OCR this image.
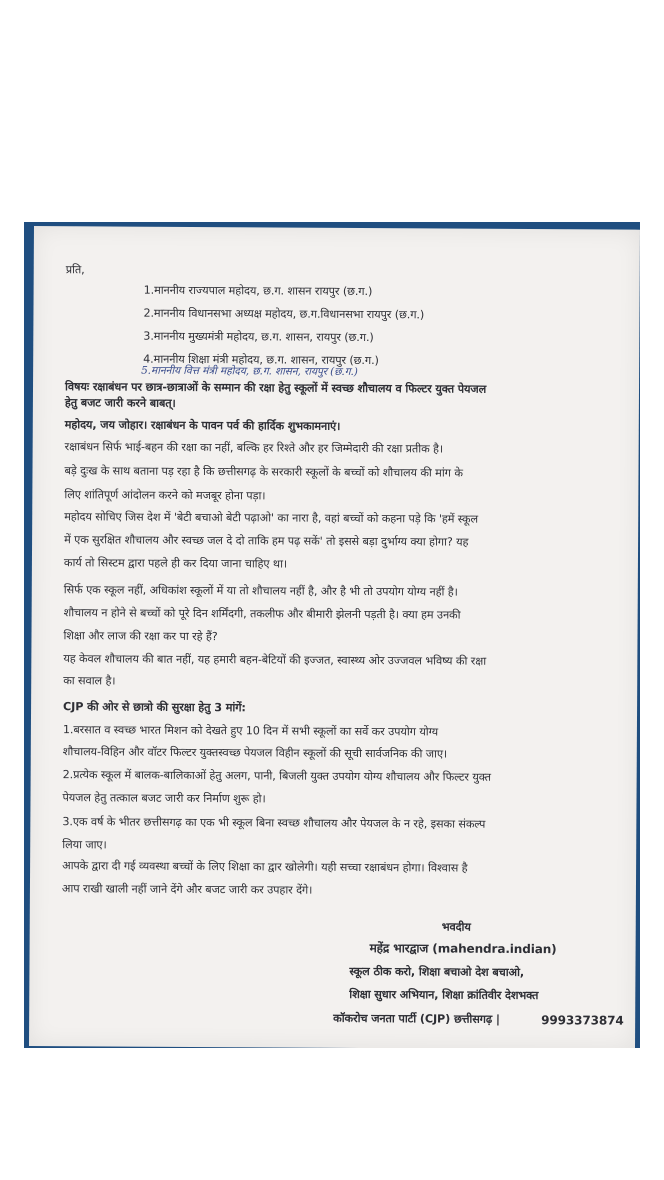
प्रति,
1.माननीय राज्यपाल महोदय, छ.ग. शासन रायपुर (छ.ग.)
2.माननीय विधानसभा अध्यक्ष महोदय, छ.ग.विधानसभा रायपुर (छ.ग.)
3.माननीय मुख्यमंत्री महोदय, छ.ग. शासन, रायपुर (छ.ग.)
4.माननीय शिक्षा मंत्री महोदय, छ.ग. शासन, रायपुर (छ.ग.)
5.माननीय वित्त मंत्री महोदय, छ.ग. शासन, रायपुर (छ.ग.)
विषयः रक्षाबंधन पर छात्र-छात्राओं के सम्मान की रक्षा हेतु स्कूलों में स्वच्छ शौचालय व फिल्टर युक्त पेयजल
हेतु बजट जारी करने बाबत्।
महोदय, जय जोहार। रक्षाबंधन के पावन पर्व की हार्दिक शुभकामनाएं।
रक्षाबंधन सिर्फ भाई-बहन की रक्षा का नहीं, बल्कि हर रिश्ते और हर जिम्मेदारी की रक्षा प्रतीक है।
बड़े दुःख के साथ बताना पड़ रहा है कि छत्तीसगढ़ के सरकारी स्कूलों के बच्चों को शौचालय की मांग के
लिए शांतिपूर्ण आंदोलन करने को मजबूर होना पड़ा।
महोदय सोचिए जिस देश में 'बेटी बचाओ बेटी पढ़ाओ' का नारा है, वहां बच्चों को कहना पड़े कि 'हमें स्कूल
में एक सुरक्षित शौचालय और स्वच्छ जल दे दो ताकि हम पढ़ सकें' तो इससे बड़ा दुर्भाग्य क्या होगा? यह
कार्य तो सिस्टम द्वारा पहले ही कर दिया जाना चाहिए था।
सिर्फ एक स्कूल नहीं, अधिकांश स्कूलों में या तो शौचालय नहीं है, और है भी तो उपयोग योग्य नहीं है।
शौचालय न होने से बच्चों को पूरे दिन शर्मिंदगी, तकलीफ और बीमारी झेलनी पड़ती है। क्या हम उनकी
शिक्षा और लाज की रक्षा कर पा रहे हैं?
यह केवल शौचालय की बात नहीं, यह हमारी बहन-बेटियों की इज्जत, स्वास्थ्य ओर उज्जवल भविष्य की रक्षा
का सवाल है।
CJP की ओर से छात्रो की सुरक्षा हेतु 3 मांगें:
1.बरसात व स्वच्छ भारत मिशन को देखते हुए 10 दिन में सभी स्कूलों का सर्वे कर उपयोग योग्य
शौचालय-विहिन और वॉटर फिल्टर युक्तस्वच्छ पेयजल विहीन स्कूलों की सूची सार्वजनिक की जाए।
2.प्रत्येक स्कूल में बालक-बालिकाओं हेतु अलग, पानी, बिजली युक्त उपयोग योग्य शौचालय और फिल्टर युक्त
पेयजल हेतु तत्काल बजट जारी कर निर्माण शुरू हो।
3.एक वर्ष के भीतर छत्तीसगढ़ का एक भी स्कूल बिना स्वच्छ शौचालय और पेयजल के न रहे, इसका संकल्प
लिया जाए।
आपके द्वारा दी गई व्यवस्था बच्चों के लिए शिक्षा का द्वार खोलेगी। यही सच्चा रक्षाबंधन होगा। विश्वास है
आप राखी खाली नहीं जाने देंगे और बजट जारी कर उपहार देंगे।
भवदीय
महेंद्र भारद्वाज (mahendra.indian)
स्कूल ठीक करो, शिक्षा बचाओ देश बचाओ,
शिक्षा सुधार अभियान, शिक्षा क्रांतिवीर देशभक्त
कॉकरोच जनता पार्टी (CJP) छत्तीसगढ़ |	9993373874
